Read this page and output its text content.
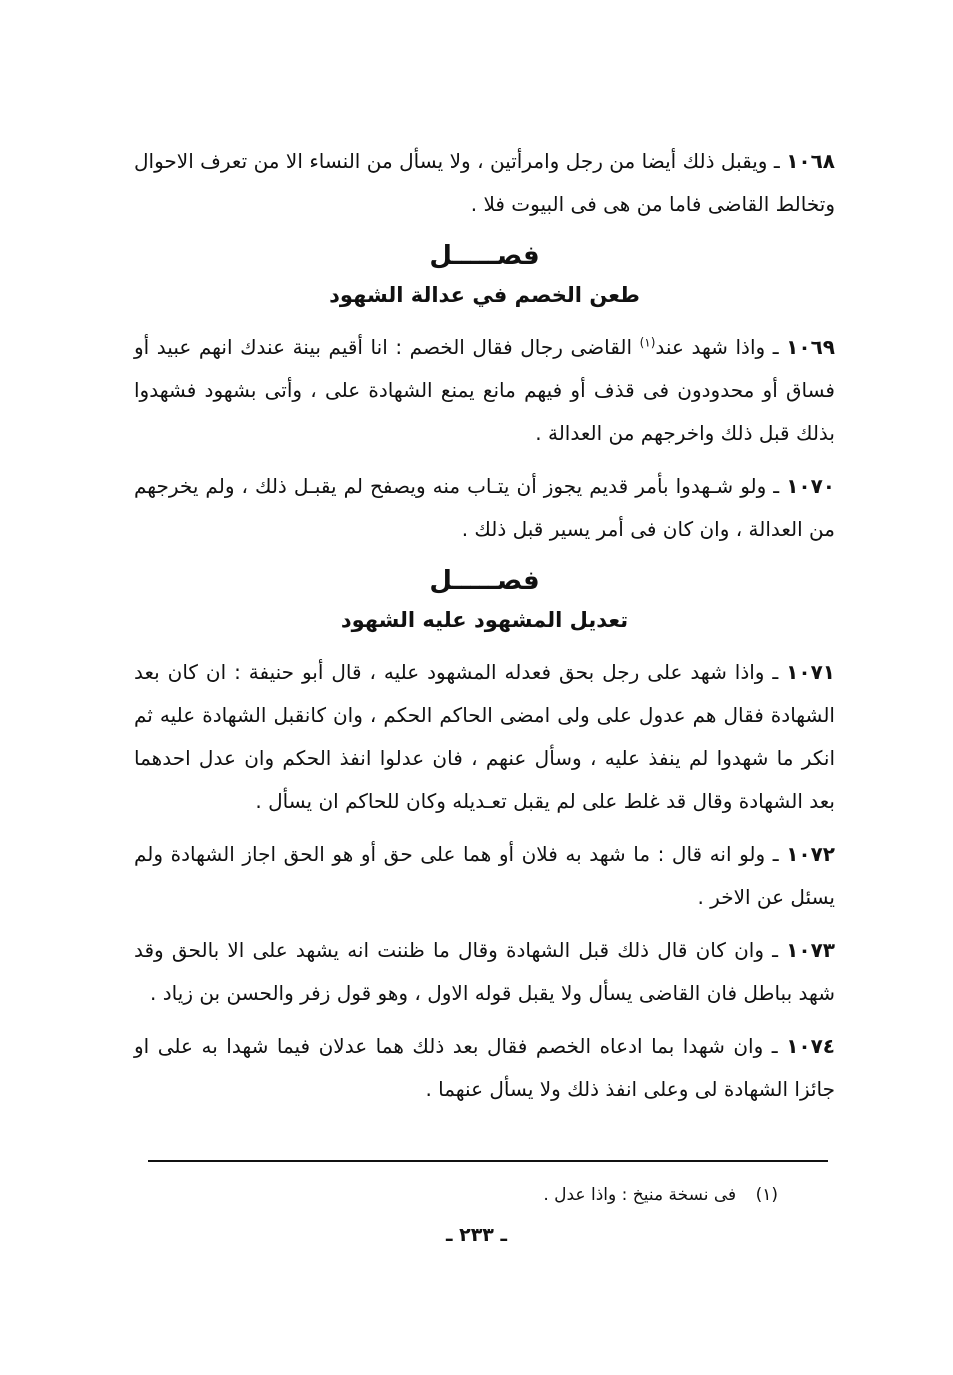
١٠٦٨ ـ ويقبل ذلك أيضا من رجل وامرأتين ، ولا يسأل من النساء الا من تعرف الاحوال وتخالط القاضى فاما من هى فى البيوت فلا .

فصـــــل
طعن الخصم في عدالة الشهود

١٠٦٩ ـ واذا شهد عند$^{(١)}$ القاضى رجال فقال الخصم : انا أقيم بينة عندك انهم عبيد أو فساق أو محدودون فى قذف أو فيهم مانع يمنع الشهادة على ، وأتى بشهود فشهدوا بذلك قبل ذلك واخرجهم من العدالة .

١٠٧٠ ـ ولو شـهدوا بأمر قديم يجوز أن يتـاب منه ويصفح لم يقبـل ذلك ، ولم يخرجهم من العدالة ، وان كان فى أمر يسير قبل ذلك .

فصـــــل
تعديل المشهود عليه الشهود

١٠٧١ ـ واذا شهد على رجل بحق فعدله المشهود عليه ، قال أبو حنيفة : ان كان بعد الشهادة فقال هم عدول على ولى امضى الحاكم الحكم ، وان كانقبل الشهادة عليه ثم انكر ما شهدوا لم ينفذ عليه ، وسأل عنهم ، فان عدلوا انفذ الحكم وان عدل احدهما بعد الشهادة وقال قد غلط على لم يقبل تعـديله وكان للحاكم ان يسأل .

١٠٧٢ ـ ولو انه قال : ما شهد به فلان أو هما على حق أو هو الحق اجاز الشهادة ولم يسئل عن الاخر .

١٠٧٣ ـ وان كان قال ذلك قبل الشهادة وقال ما ظننت انه يشهد على الا بالحق وقد شهد بباطل فان القاضى يسأل ولا يقبل قوله الاول ، وهو قول زفر والحسن بن زياد .

١٠٧٤ ـ وان شهدا بما ادعاه الخصم فقال بعد ذلك هما عدلان فيما شهدا به على او جائزا الشهادة لى وعلى انفذ ذلك ولا يسأل عنهما .

(١) فى نسخة منيخ : واذا عدل .
ـ ٢٣٣ ـ
